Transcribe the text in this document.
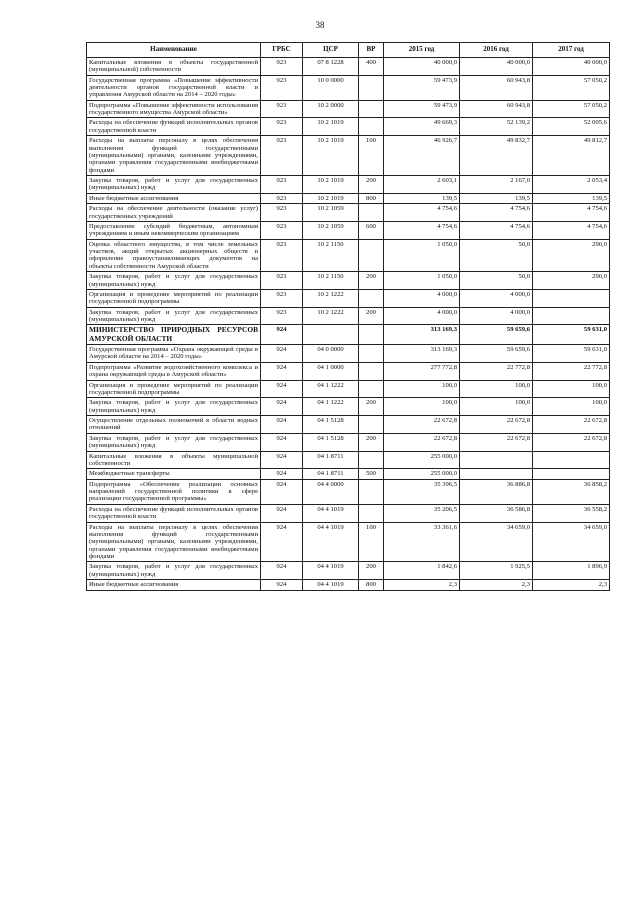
38
Наименование	ГРБС	ЦСР	ВР	2015 год	2016 год	2017 год
Капитальные вложения в объекты государственной (муниципальной) собственности	923	07 8 1228	400	40 000,0	40 000,0	40 000,0
Государственная программа «Повышение эффективности деятельности органов государственной власти и управления Амурской области на 2014 – 2020 годы»	923	10 0 0000		59 473,9	60 943,8	57 050,2
Подпрограмма «Повышение эффективности использования государственного имущества Амурской области»	923	10 2 0000		59 473,9	60 943,8	57 050,2
Расходы на обеспечение функций исполнительных органов государственной власти	923	10 2 1019		49 669,3	52 139,2	52 005,6
Расходы на выплаты персоналу в целях обеспечения выполнения функций государственными (муниципальными) органами, казенными учреждениями, органами управления государственными внебюджетными фондами	923	10 2 1019	100	46 926,7	49 832,7	49 812,7
Закупка товаров, работ и услуг для государственных (муниципальных) нужд	923	10 2 1019	200	2 603,1	2 167,0	2 053,4
Иные бюджетные ассигнования	923	10 2 1019	800	139,5	139,5	139,5
Расходы на обеспечение деятельности (оказание услуг) государственных учреждений	923	10 2 1059		4 754,6	4 754,6	4 754,6
Предоставление субсидий бюджетным, автономным учреждениям и иным некоммерческим организациям	923	10 2 1059	600	4 754,6	4 754,6	4 754,6
Оценка областного имущества, в том числе земельных участков, акций открытых акционерных обществ и оформление правоустанавливающих документов на объекты собственности Амурской области	923	10 2 1150		1 050,0	50,0	290,0
Закупка товаров, работ и услуг для государственных (муниципальных) нужд	923	10 2 1150	200	1 050,0	50,0	290,0
Организация и проведение мероприятий по реализации государственной подпрограммы	923	10 2 1222		4 000,0	4 000,0	
Закупка товаров, работ и услуг для государственных (муниципальных) нужд	923	10 2 1222	200	4 000,0	4 000,0	
МИНИСТЕРСТВО ПРИРОДНЫХ РЕСУРСОВ АМУРСКОЙ ОБЛАСТИ	924			313 169,3	59 659,6	59 631,0
Государственная программа «Охрана окружающей среды в Амурской области на 2014 – 2020 годы»	924	04 0 0000		313 169,3	59 659,6	59 631,0
Подпрограмма «Развитие водохозяйственного комплекса и охрана окружающей среды в Амурской области»	924	04 1 0000		277 772,8	22 772,8	22 772,8
Организация и проведение мероприятий по реализации государственной подпрограммы	924	04 1 1222		100,0	100,0	100,0
Закупка товаров, работ и услуг для государственных (муниципальных) нужд	924	04 1 1222	200	100,0	100,0	100,0
Осуществление отдельных полномочий в области водных отношений	924	04 1 5128		22 672,8	22 672,8	22 672,8
Закупка товаров, работ и услуг для государственных (муниципальных) нужд	924	04 1 5128	200	22 672,8	22 672,8	22 672,8
Капитальные вложения в объекты муниципальной собственности	924	04 1 8711		255 000,0		
Межбюджетные трансферты	924	04 1 8711	500	255 000,0		
Подпрограмма «Обеспечение реализации основных направлений государственной политики в сфере реализации государственной программы»	924	04 4 0000		35 396,5	36 886,8	36 858,2
Расходы на обеспечение функций исполнительных органов государственной власти	924	04 4 1019		35 206,5	36 586,8	36 558,2
Расходы на выплаты персоналу в целях обеспечения выполнения функций государственными (муниципальными) органами, казенными учреждениями, органами управления государственными внебюджетными фондами	924	04 4 1019	100	33 361,6	34 659,0	34 659,0
Закупка товаров, работ и услуг для государственных (муниципальных) нужд	924	04 4 1019	200	1 842,6	1 925,5	1 896,9
Иные бюджетные ассигнования	924	04 4 1019	800	2,3	2,3	2,3
